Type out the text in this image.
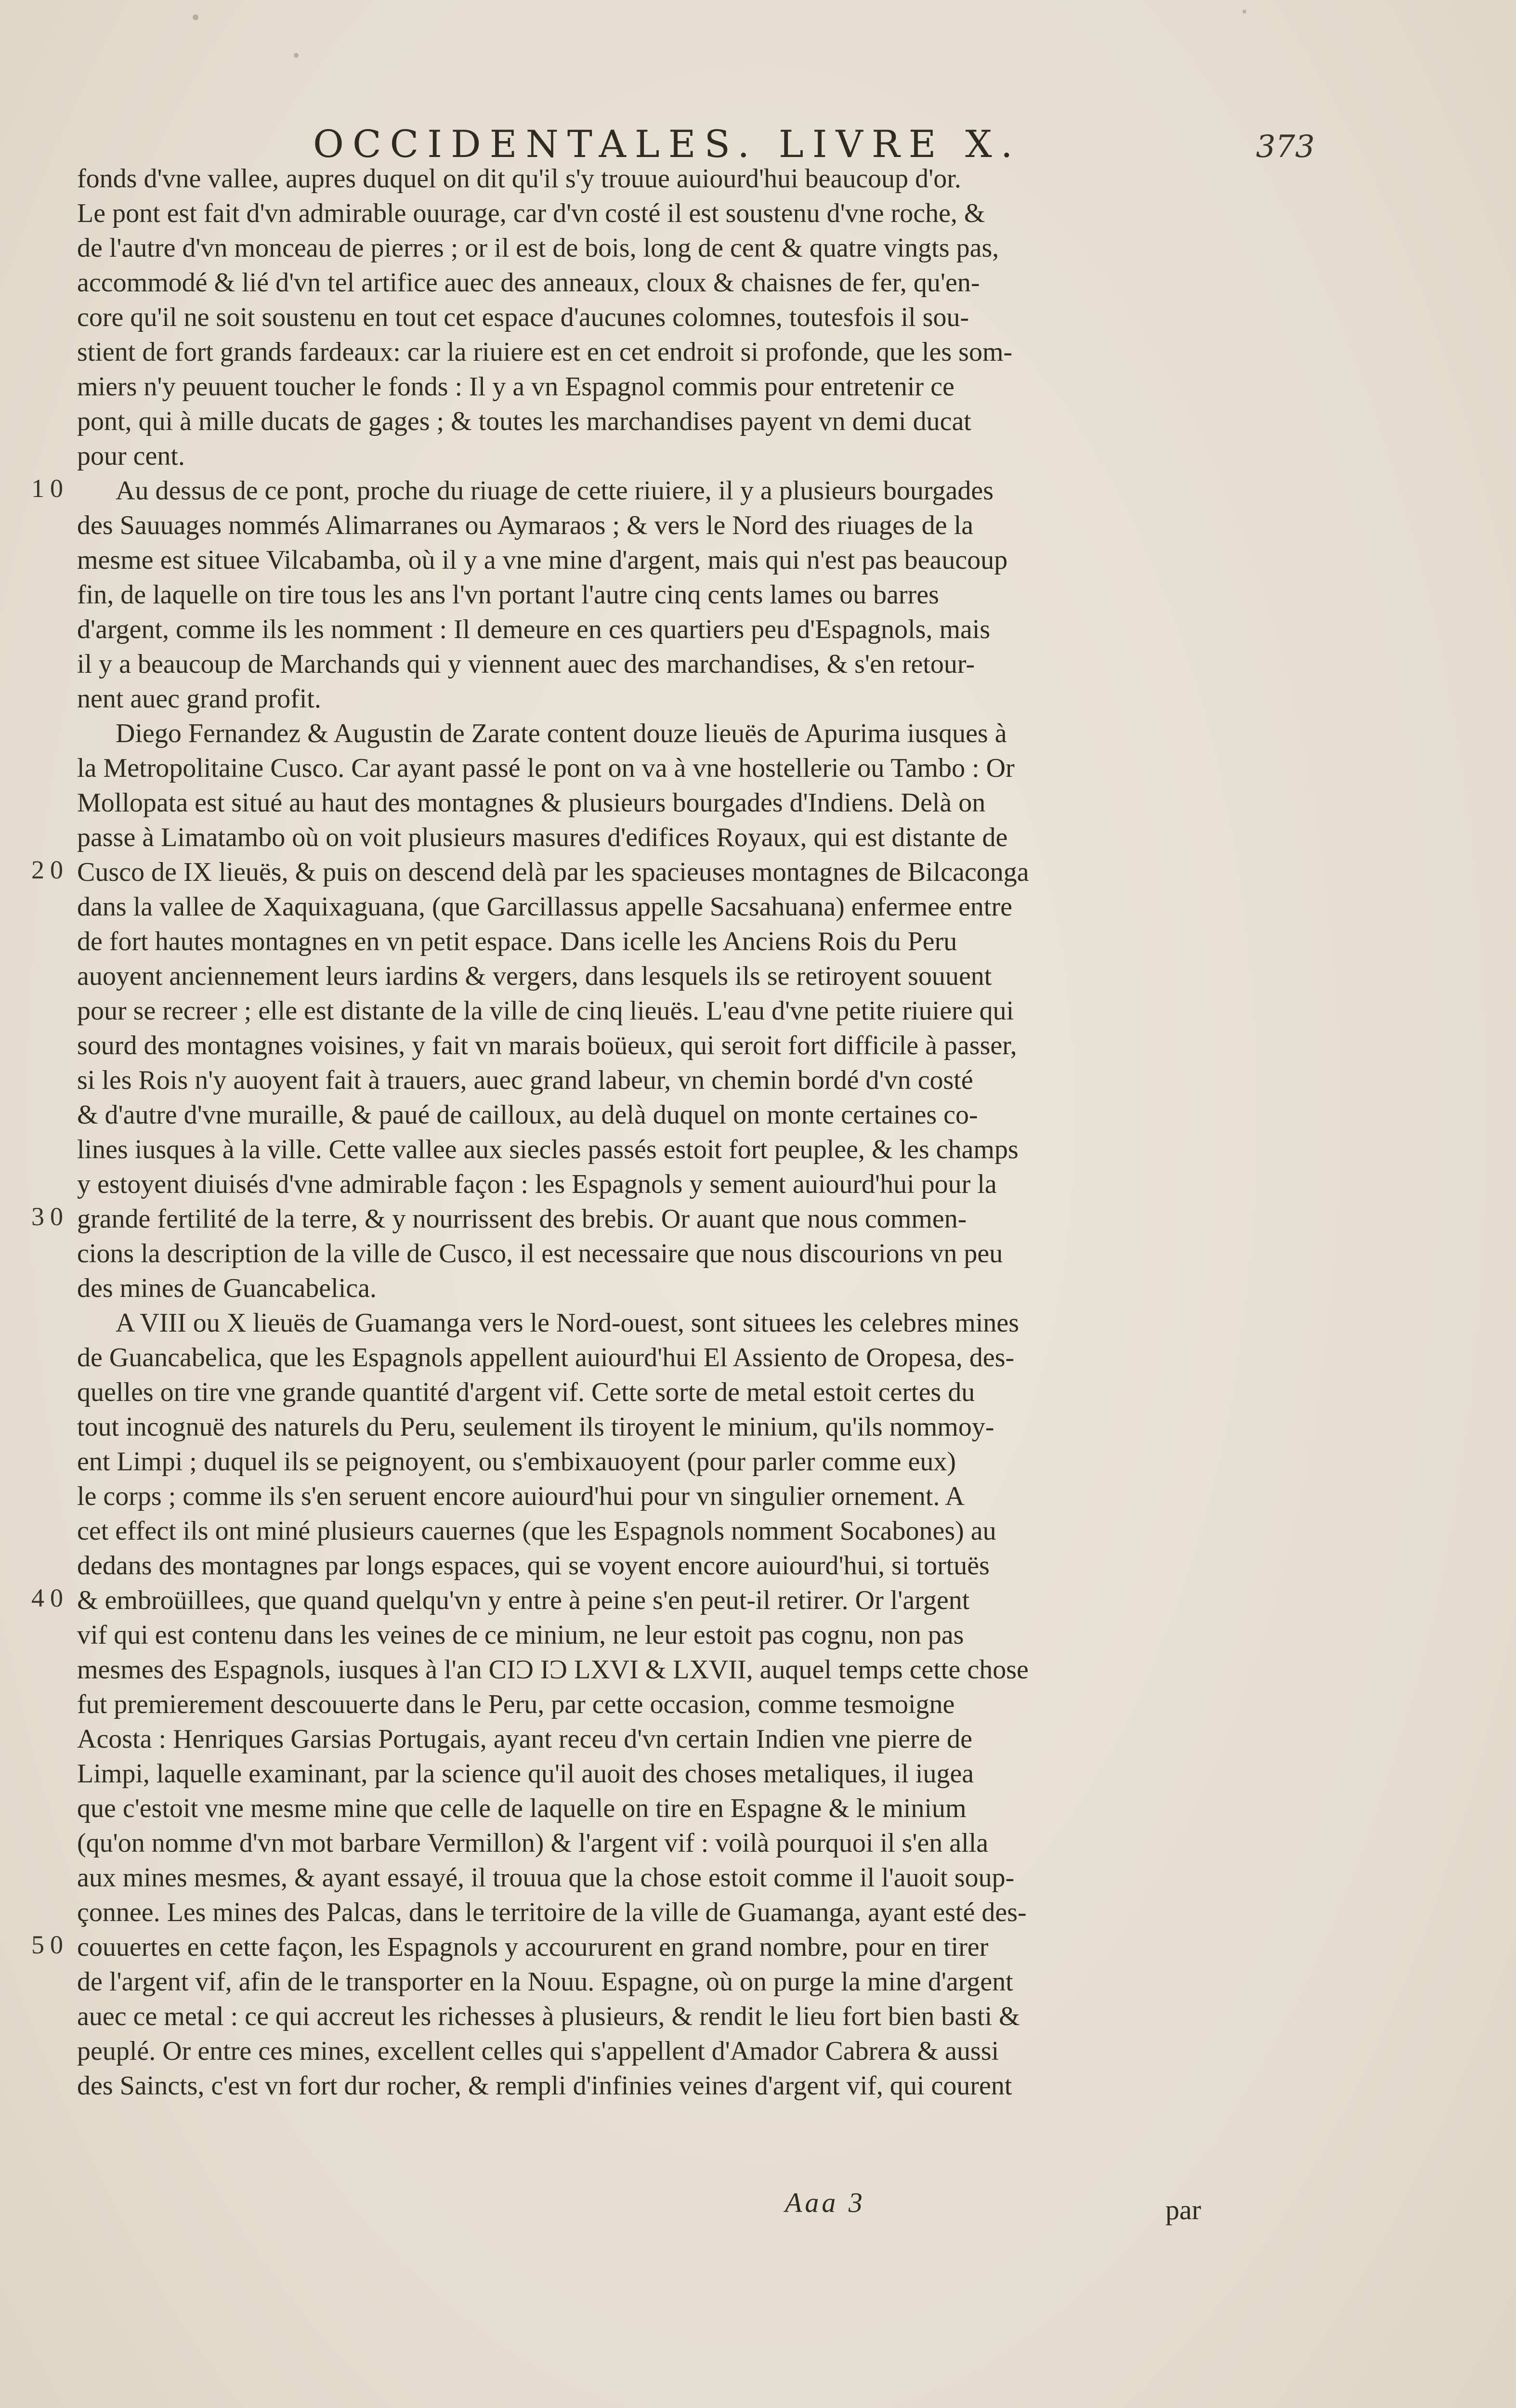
OCCIDENTALES. LIVRE X.	373
fonds d'vne vallee, aupres duquel on dit qu'il s'y trouue auiourd'hui beaucoup d'or.
Le pont est fait d'vn admirable ouurage, car d'vn costé il est soustenu d'vne roche, &
de l'autre d'vn monceau de pierres ; or il est de bois, long de cent & quatre vingts pas,
accommodé & lié d'vn tel artifice auec des anneaux, cloux & chaisnes de fer, qu'en-
core qu'il ne soit soustenu en tout cet espace d'aucunes colomnes, toutesfois il sou-
stient de fort grands fardeaux: car la riuiere est en cet endroit si profonde, que les som-
miers n'y peuuent toucher le fonds : Il y a vn Espagnol commis pour entretenir ce
pont, qui à mille ducats de gages ; & toutes les marchandises payent vn demi ducat
pour cent.
Au dessus de ce pont, proche du riuage de cette riuiere, il y a plusieurs bourgades
des Sauuages nommés Alimarranes ou Aymaraos ; & vers le Nord des riuages de la
mesme est situee Vilcabamba, où il y a vne mine d'argent, mais qui n'est pas beaucoup
fin, de laquelle on tire tous les ans l'vn portant l'autre cinq cents lames ou barres
d'argent, comme ils les nomment : Il demeure en ces quartiers peu d'Espagnols, mais
il y a beaucoup de Marchands qui y viennent auec des marchandises, & s'en retour-
nent auec grand profit.
Diego Fernandez & Augustin de Zarate content douze lieuës de Apurima iusques à
la Metropolitaine Cusco. Car ayant passé le pont on va à vne hostellerie ou Tambo : Or
Mollopata est situé au haut des montagnes & plusieurs bourgades d'Indiens. Delà on
passe à Limatambo où on voit plusieurs masures d'edifices Royaux, qui est distante de
Cusco de IX lieuës, & puis on descend delà par les spacieuses montagnes de Bilcaconga
dans la vallee de Xaquixaguana, (que Garcillassus appelle Sacsahuana) enfermee entre
de fort hautes montagnes en vn petit espace. Dans icelle les Anciens Rois du Peru
auoyent anciennement leurs iardins & vergers, dans lesquels ils se retiroyent souuent
pour se recreer ; elle est distante de la ville de cinq lieuës. L'eau d'vne petite riuiere qui
sourd des montagnes voisines, y fait vn marais boüeux, qui seroit fort difficile à passer,
si les Rois n'y auoyent fait à trauers, auec grand labeur, vn chemin bordé d'vn costé
& d'autre d'vne muraille, & paué de cailloux, au delà duquel on monte certaines co-
lines iusques à la ville. Cette vallee aux siecles passés estoit fort peuplee, & les champs
y estoyent diuisés d'vne admirable façon : les Espagnols y sement auiourd'hui pour la
grande fertilité de la terre, & y nourrissent des brebis. Or auant que nous commen-
cions la description de la ville de Cusco, il est necessaire que nous discourions vn peu
des mines de Guancabelica.
A VIII ou X lieuës de Guamanga vers le Nord-ouest, sont situees les celebres mines
de Guancabelica, que les Espagnols appellent auiourd'hui El Assiento de Oropesa, des-
quelles on tire vne grande quantité d'argent vif. Cette sorte de metal estoit certes du
tout incognuë des naturels du Peru, seulement ils tiroyent le minium, qu'ils nommoy-
ent Limpi ; duquel ils se peignoyent, ou s'embixauoyent (pour parler comme eux)
le corps ; comme ils s'en seruent encore auiourd'hui pour vn singulier ornement. A
cet effect ils ont miné plusieurs cauernes (que les Espagnols nomment Socabones) au
dedans des montagnes par longs espaces, qui se voyent encore auiourd'hui, si tortuës
& embroüillees, que quand quelqu'vn y entre à peine s'en peut-il retirer. Or l'argent
vif qui est contenu dans les veines de ce minium, ne leur estoit pas cognu, non pas
mesmes des Espagnols, iusques à l'an CIƆ IƆ LXVI & LXVII, auquel temps cette chose
fut premierement descouuerte dans le Peru, par cette occasion, comme tesmoigne
Acosta : Henriques Garsias Portugais, ayant receu d'vn certain Indien vne pierre de
Limpi, laquelle examinant, par la science qu'il auoit des choses metaliques, il iugea
que c'estoit vne mesme mine que celle de laquelle on tire en Espagne & le minium
(qu'on nomme d'vn mot barbare Vermillon) & l'argent vif : voilà pourquoi il s'en alla
aux mines mesmes, & ayant essayé, il trouua que la chose estoit comme il l'auoit soup-
çonnee. Les mines des Palcas, dans le territoire de la ville de Guamanga, ayant esté des-
couuertes en cette façon, les Espagnols y accoururent en grand nombre, pour en tirer
de l'argent vif, afin de le transporter en la Nouu. Espagne, où on purge la mine d'argent
auec ce metal : ce qui accreut les richesses à plusieurs, & rendit le lieu fort bien basti &
peuplé. Or entre ces mines, excellent celles qui s'appellent d'Amador Cabrera & aussi
des Saincts, c'est vn fort dur rocher, & rempli d'infinies veines d'argent vif, qui courent
Aaa 3	par
10
20
30
40
50
